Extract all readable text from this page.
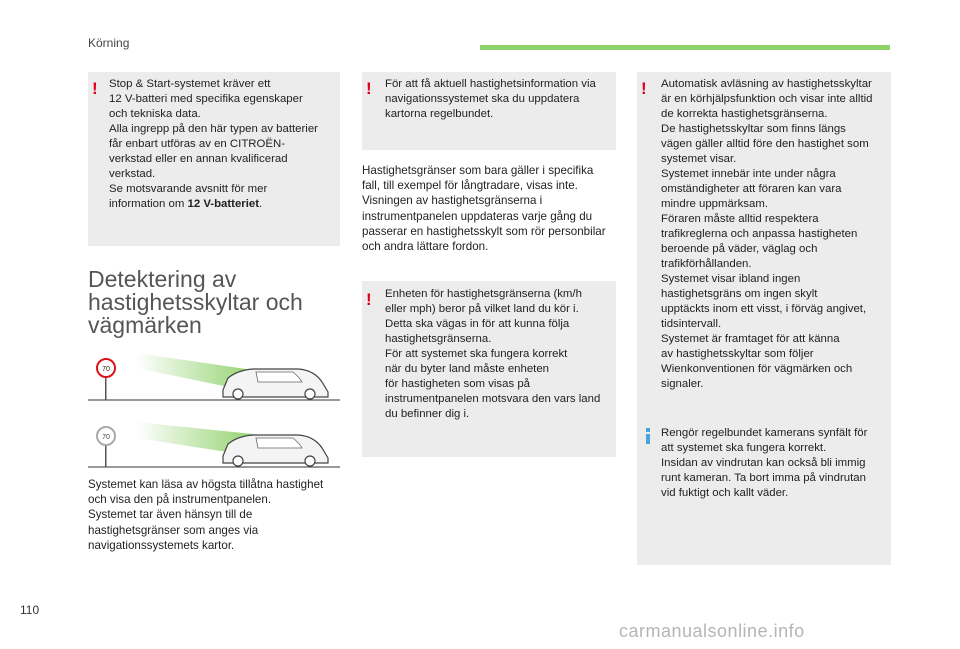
Körning
! Stop & Start-systemet kräver ett
12 V-batteri med specifika egenskaper
och tekniska data.
Alla ingrepp på den här typen av batterier
får enbart utföras av en CITROËN-
verkstad eller en annan kvalificerad
verkstad.
Se motsvarande avsnitt för mer
information om 12 V-batteriet.
Detektering av
hastighetsskyltar och
vägmärken
70
70
Systemet kan läsa av högsta tillåtna hastighet
och visa den på instrumentpanelen.
Systemet tar även hänsyn till de
hastighetsgränser som anges via
navigationssystemets kartor.
! För att få aktuell hastighetsinformation via
navigationssystemet ska du uppdatera
kartorna regelbundet.
Hastighetsgränser som bara gäller i specifika
fall, till exempel för långtradare, visas inte.
Visningen av hastighetsgränserna i
instrumentpanelen uppdateras varje gång du
passerar en hastighetsskylt som rör personbilar
och andra lättare fordon.
! Enheten för hastighetsgränserna (km/h
eller mph) beror på vilket land du kör i.
Detta ska vägas in för att kunna följa
hastighetsgränserna.
För att systemet ska fungera korrekt
när du byter land måste enheten
för hastigheten som visas på
instrumentpanelen motsvara den vars land
du befinner dig i.
! Automatisk avläsning av hastighetsskyltar
är en körhjälpsfunktion och visar inte alltid
de korrekta hastighetsgränserna.
De hastighetsskyltar som finns längs
vägen gäller alltid före den hastighet som
systemet visar.
Systemet innebär inte under några
omständigheter att föraren kan vara
mindre uppmärksam.
Föraren måste alltid respektera
trafikreglerna och anpassa hastigheten
beroende på väder, väglag och
trafikförhållanden.
Systemet visar ibland ingen
hastighetsgräns om ingen skylt
upptäckts inom ett visst, i förväg angivet,
tidsintervall.
Systemet är framtaget för att känna
av hastighetsskyltar som följer
Wienkonventionen för vägmärken och
signaler.
Rengör regelbundet kamerans synfält för
att systemet ska fungera korrekt.
Insidan av vindrutan kan också bli immig
runt kameran. Ta bort imma på vindrutan
vid fuktigt och kallt väder.
110
carmanualsonline.info
